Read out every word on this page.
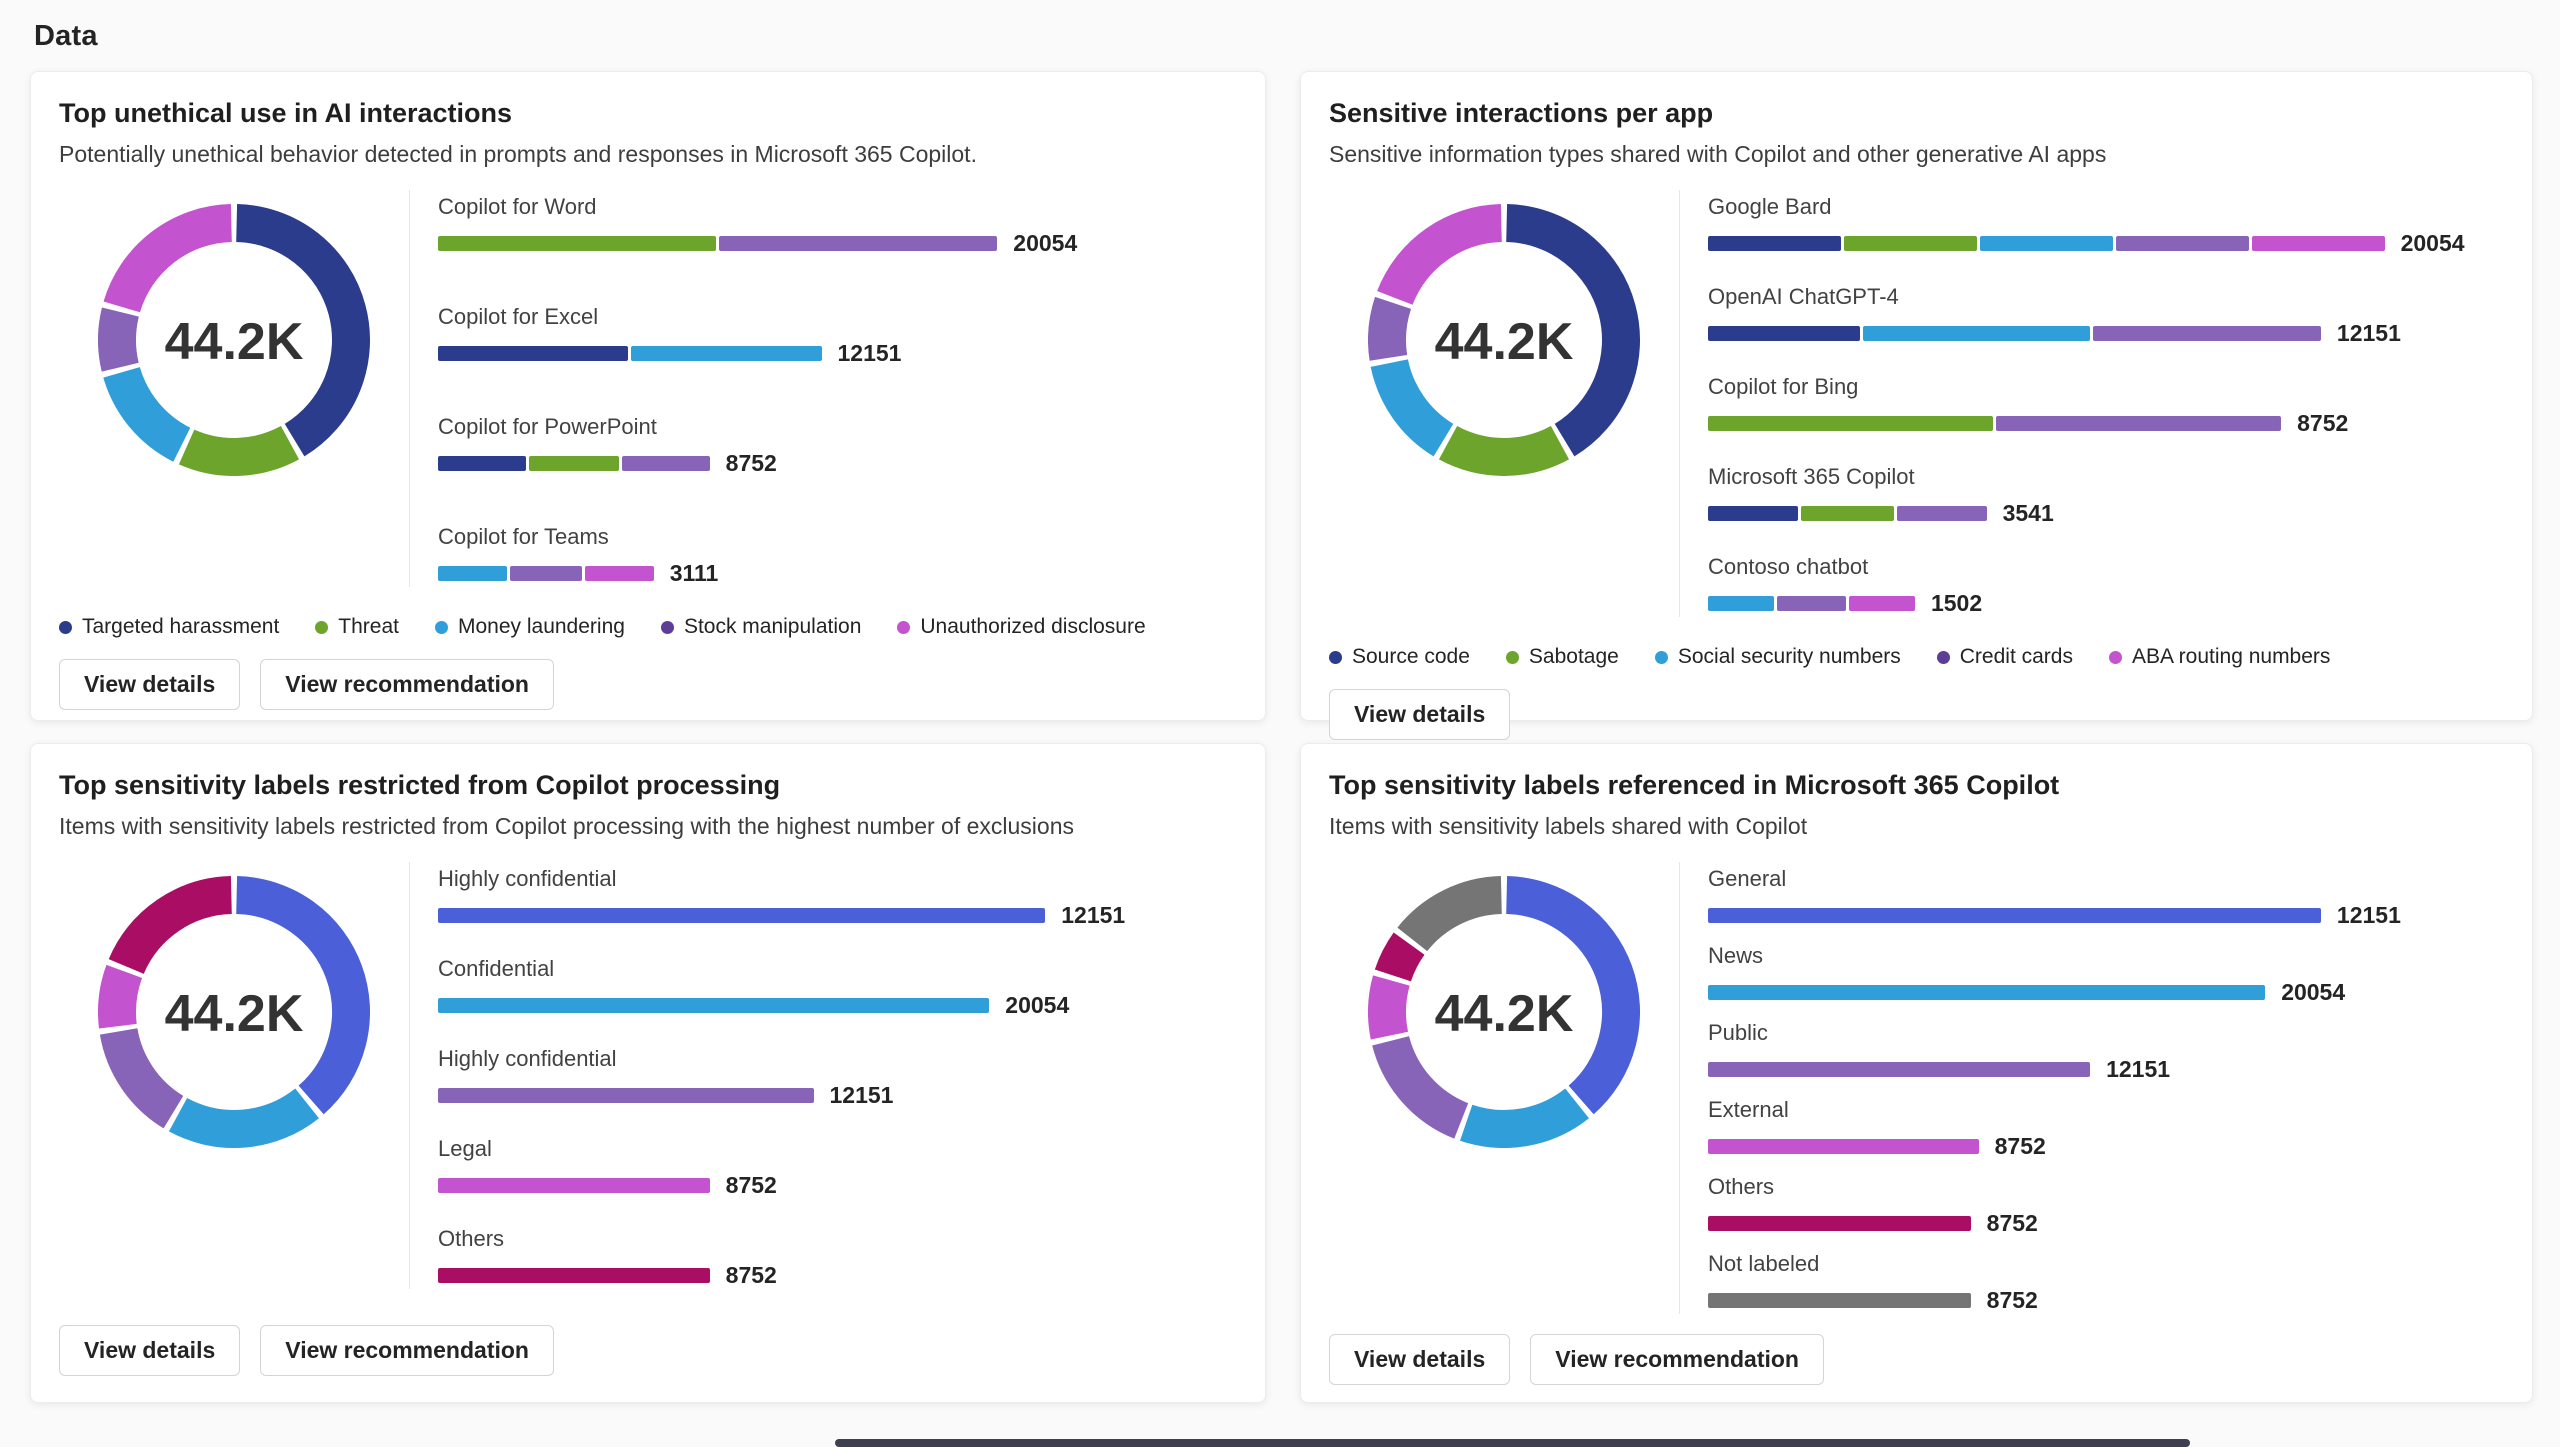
Data
Top unethical use in AI interactions

Potentially unethical behavior detected in prompts and responses in Microsoft 365 Copilot.

44.2K
Copilot for Word
20054
Copilot for Excel
12151
Copilot for PowerPoint
8752
Copilot for Teams
3111
Targeted harassment	Threat	Money laundering	Stock manipulation	Unauthorized disclosure
View details	View recommendation
Sensitive interactions per app

Sensitive information types shared with Copilot and other generative AI apps

44.2K
Google Bard
20054
OpenAI ChatGPT-4
12151
Copilot for Bing
8752
Microsoft 365 Copilot
3541
Contoso chatbot
1502
Source code	Sabotage	Social security numbers	Credit cards	ABA routing numbers
View details
Top sensitivity labels restricted from Copilot processing

Items with sensitivity labels restricted from Copilot processing with the highest number of exclusions

44.2K
Highly confidential
12151
Confidential
20054
Highly confidential
12151
Legal
8752
Others
8752
View details	View recommendation
Top sensitivity labels referenced in Microsoft 365 Copilot

Items with sensitivity labels shared with Copilot

44.2K
General
12151
News
20054
Public
12151
External
8752
Others
8752
Not labeled
8752
View details	View recommendation
